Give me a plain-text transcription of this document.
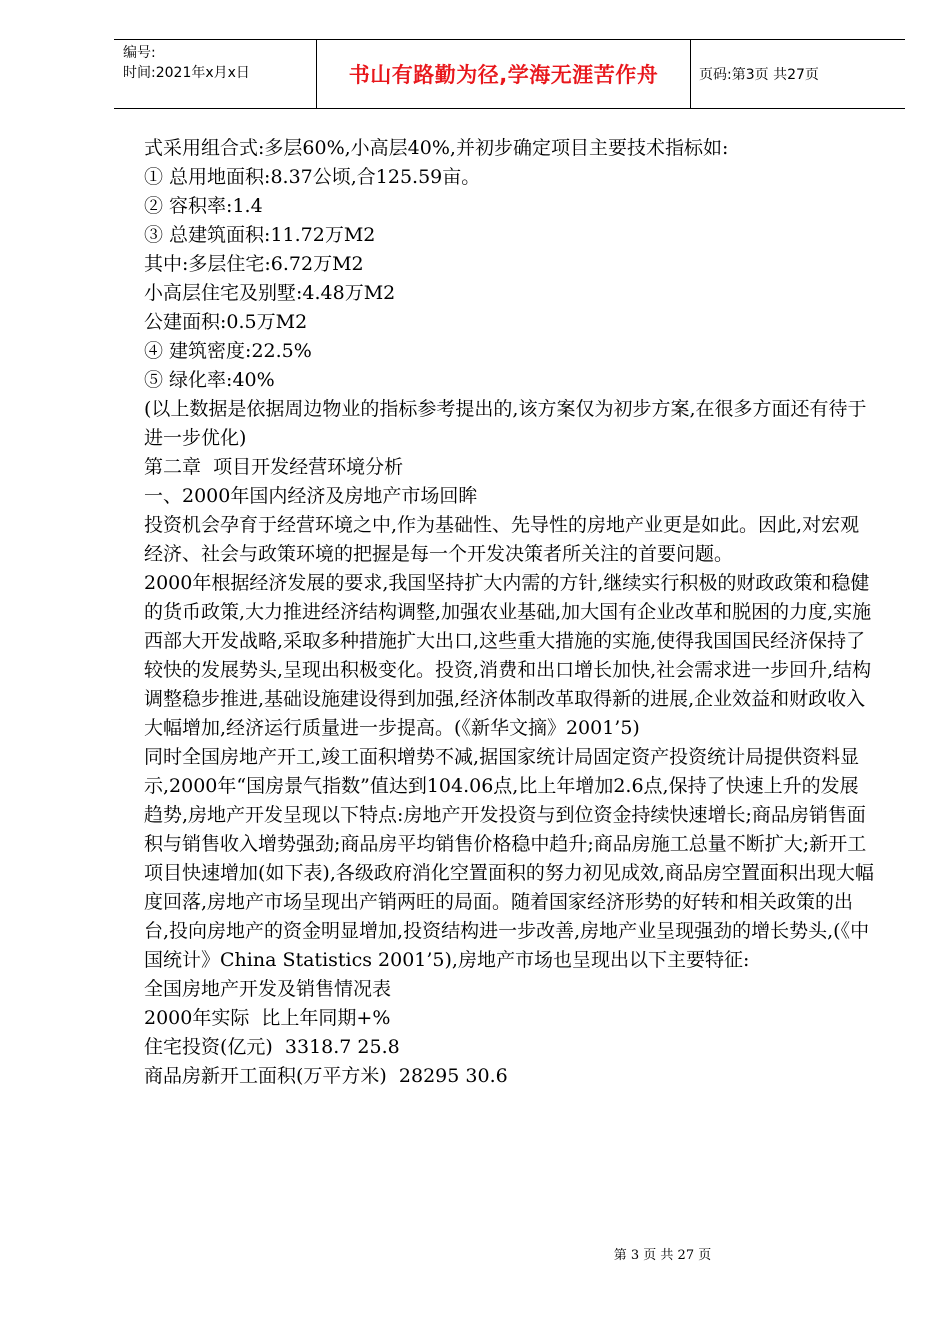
编号:
时间:2021年x月x日	书山有路勤为径,学海无涯苦作舟	页码:第3页 共27页

式采用组合式:多层60%,小高层40%,并初步确定项目主要技术指标如:

① 总用地面积:8.37公顷,合125.59亩。

② 容积率:1.4

③ 总建筑面积:11.72万M2

其中:多层住宅:6.72万M2

小高层住宅及别墅:4.48万M2

公建面积:0.5万M2

④ 建筑密度:22.5%

⑤ 绿化率:40%

(以上数据是依据周边物业的指标参考提出的,该方案仅为初步方案,在很多方面还有待于进一步优化)

第二章  项目开发经营环境分析

一、2000年国内经济及房地产市场回眸

投资机会孕育于经营环境之中,作为基础性、先导性的房地产业更是如此。因此,对宏观经济、社会与政策环境的把握是每一个开发决策者所关注的首要问题。

2000年根据经济发展的要求,我国坚持扩大内需的方针,继续实行积极的财政政策和稳健的货币政策,大力推进经济结构调整,加强农业基础,加大国有企业改革和脱困的力度,实施西部大开发战略,采取多种措施扩大出口,这些重大措施的实施,使得我国国民经济保持了较快的发展势头,呈现出积极变化。投资,消费和出口增长加快,社会需求进一步回升,结构调整稳步推进,基础设施建设得到加强,经济体制改革取得新的进展,企业效益和财政收入大幅增加,经济运行质量进一步提高。(《新华文摘》2001’5)

同时全国房地产开工,竣工面积增势不减,据国家统计局固定资产投资统计局提供资料显示,2000年“国房景气指数”值达到104.06点,比上年增加2.6点,保持了快速上升的发展趋势,房地产开发呈现以下特点:房地产开发投资与到位资金持续快速增长;商品房销售面积与销售收入增势强劲;商品房平均销售价格稳中趋升;商品房施工总量不断扩大;新开工项目快速增加(如下表),各级政府消化空置面积的努力初见成效,商品房空置面积出现大幅度回落,房地产市场呈现出产销两旺的局面。随着国家经济形势的好转和相关政策的出台,投向房地产的资金明显增加,投资结构进一步改善,房地产业呈现强劲的增长势头,(《中国统计》China Statistics 2001’5),房地产市场也呈现出以下主要特征:

全国房地产开发及销售情况表

2000年实际  比上年同期+%

住宅投资(亿元)  3318.7 25.8

商品房新开工面积(万平方米)  28295 30.6

第 3 页 共 27 页
